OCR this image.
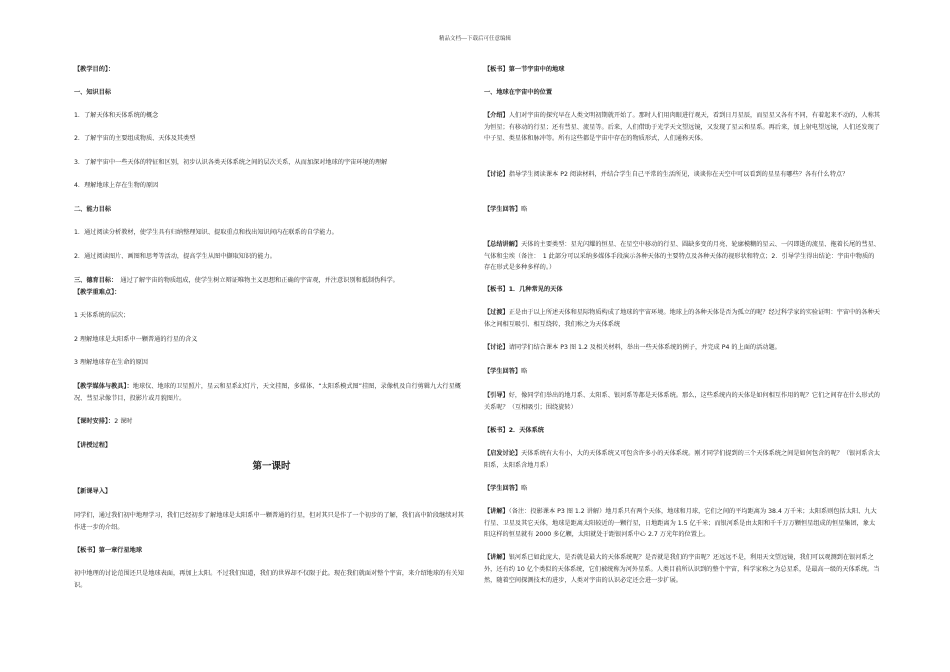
精品文档---下载后可任意编辑

【教学目的】：

一、知识目标

1．了解天体和天体系统的概念

2．了解宇宙的主要组成物质、天体及其类型

3．了解宇宙中一些天体的特征和区别，初步认识各类天体系统之间的层次关系，从而加深对地球的宇宙环境的理解

4．理解地球上存在生物的原因

二、能力目标

1．通过阅读分析教材，使学生具有归纳整理知识、提取重点和找出知识间内在联系的自学能力。

2．通过阅读图片、画图和思考等活动，提高学生从图中撷取知识的能力。

三、德育目标：　通过了解宇宙的物质组成，使学生树立辩证唯物主义思想和正确的宇宙观，并注意识别和抵制伪科学。

【教学重难点】：

1 天体系统的层次；

2 理解地球是太阳系中一颗普通的行星的含义

3 理解地球存在生命的原因

【教学媒体与教具】：地球仪、地球的卫星照片，星云和星系幻灯片，天文挂图，多媒体、“太阳系模式图”挂图，录像机及自行剪辑九大行星概况、彗星录像节目，投影片或月貌图片。

【课时安排】：2 课时

【讲授过程】

第一课时

【新课导入】

同学们，通过我们初中地理学习，我们已经初步了解地球是太阳系中一颗普通的行星，但对其只是作了一个初步的了解，我们高中阶段继续对其作进一步的介绍。

【板书】第一章行星地球

初中地理的讨论范围还只是地球表面，再加上太阳。不过我们知道，我们的世界却不仅限于此。现在我们就面对整个宇宙，来介绍地球的有关知识。

【板书】第一节宇宙中的地球

一、地球在宇宙中的位置

【介绍】人们对宇宙的探究早在人类文明初期就开始了。那时人们用肉眼进行观天，看到日月星辰，而星星又各有不同，有着起来不动的，人称其为恒星；有移动的行星；还有彗星、流星等。后来，人们借助于光学天文望远镜，又发现了星云和星系。再后来，加上射电望远镜，人们还发现了中子星、类星体和脉冲等。所有这些都是宇宙中存在的物质形式，人们通称天体。

【讨论】指导学生阅读课本 P2 阅读材料，并结合学生自己平常的生活所见，谈谈你在天空中可以看到的星星有哪些？各有什么特点？

【学生回答】略

【总结讲解】天体的主要类型：星光闪耀的恒星、在星空中移动的行星、圆缺多变的月亮、轮廓模糊的星云、一闪即逝的流星、拖着长尾的彗星、气体和尘埃（备注：　1 此部分可以采纳多媒体手段演示各种天体的主要特点及各种天体的视形状和特点；2．引导学生得出结论：宇宙中物质的存在形式是多种多样的。）

【板书】1．几种常见的天体

【过渡】正是由于以上所述天体和星际物质构成了地球的宇宙环境。地球上的各种天体是否为孤立的呢？经过科学家的实验证明：宇宙中的各种天体之间相互吸引、相互绕转，我们称之为天体系统

【讨论】请同学们结合课本 P3 图 1.2 及相关材料，举出一些天体系统的例子，并完成 P4 的上面的活动题。

【学生回答】略

【引导】好，像同学们举出的地月系、太阳系、银河系等都是天体系统。那么，这些系统内的天体是如何相互作用的呢？它们之间存在什么形式的关系呢？（互相吸引；围绕旋转）

【板书】2．天体系统

【启发讨论】天体系统有大有小，大的天体系统又可包含许多小的天体系统。刚才同学们提到的三个天体系统之间是如何包含的呢？（银河系含太阳系，太阳系含地月系）

【学生回答】略

【讲解】（备注：投影课本 P3 图 1.2 讲解）地月系只有两个天体，地球和月球，它们之间的平均距离为 38.4 万千米；太阳系则包括太阳、九大行星、卫星及其它天体，地球是距离太阳较近的一颗行星，日地距离为 1.5 亿千米；而银河系是由太阳和千千万万颗恒星组成的恒星集团，象太阳这样的恒星就有 2000 多亿颗，太阳就处于距银河系中心 2.7 万光年的位置上。

【讲解】银河系已如此庞大，是否就是最大的天体系统呢？是否就是我们的宇宙呢？还远远不是，利用天文望远镜，我们可以观测到在银河系之外，还有约 10 亿个类似的天体系统，它们被统称为河外星系。人类目前所认识到的整个宇宙，科学家称之为总星系，是最高一级的天体系统。当然，随着空间探测技术的进步，人类对宇宙的认识必定还会进一步扩展。
